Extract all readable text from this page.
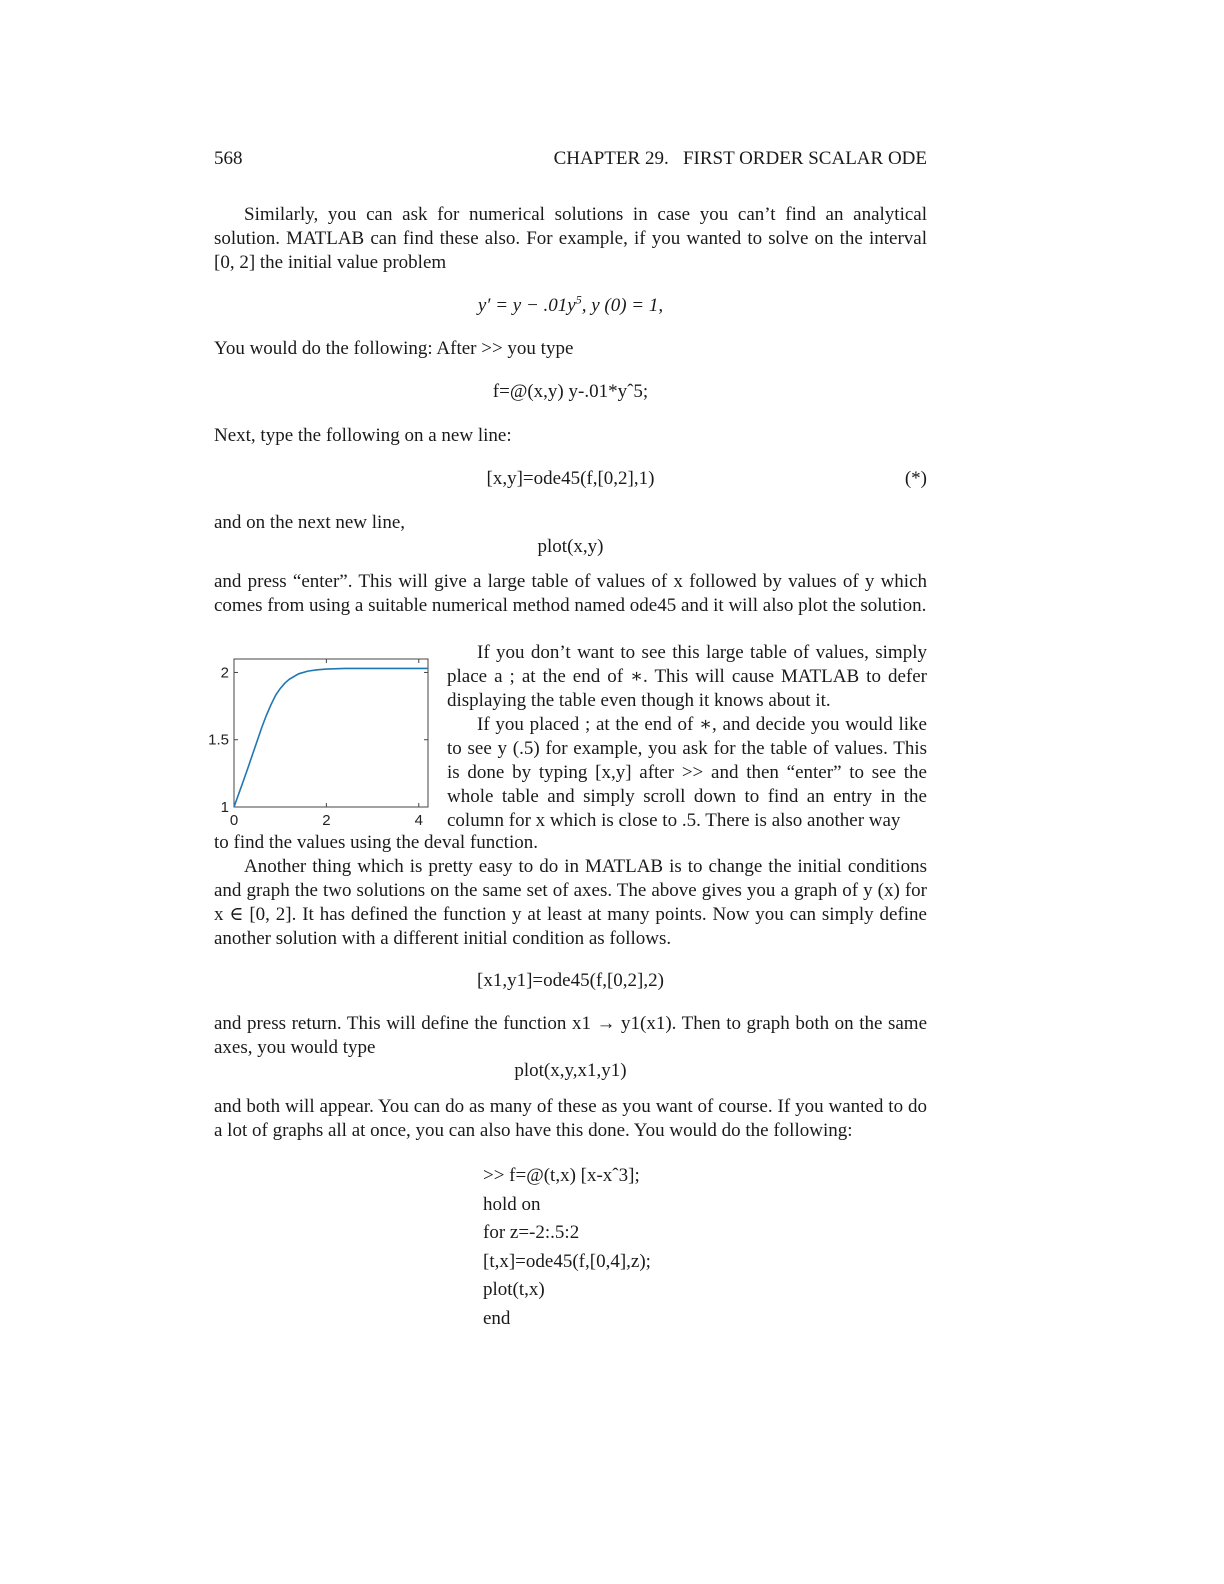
568	CHAPTER 29.   FIRST ORDER SCALAR ODE

Similarly, you can ask for numerical solutions in case you can’t find an analytical solution. MATLAB can find these also. For example, if you wanted to solve on the interval [0, 2] the initial value problem

$y' = y - .01y^5$, y (0) = 1,

You would do the following: After >> you type

f=@(x,y) y-.01*yˆ5;

Next, type the following on a new line:

[x,y]=ode45(f,[0,2],1)	(*)

and on the next new line,

plot(x,y)

and press “enter”. This will give a large table of values of x followed by values of y which comes from using a suitable numerical method named ode45 and it will also plot the solution.

0	2	4
1
1.5
2

If you don’t want to see this large table of values, simply place a ; at the end of ∗. This will cause MATLAB to defer displaying the table even though it knows about it.

If you placed ; at the end of ∗, and decide you would like to see y (.5) for example, you ask for the table of values. This is done by typing [x,y] after >> and then “enter” to see the whole table and simply scroll down to find an entry in the column for x which is close to .5. There is also another way

to find the values using the deval function.

Another thing which is pretty easy to do in MATLAB is to change the initial conditions and graph the two solutions on the same set of axes. The above gives you a graph of y (x) for x ∈ [0, 2]. It has defined the function y at least at many points. Now you can simply define another solution with a different initial condition as follows.

[x1,y1]=ode45(f,[0,2],2)

and press return. This will define the function x1 → y1(x1). Then to graph both on the same axes, you would type

plot(x,y,x1,y1)

and both will appear. You can do as many of these as you want of course. If you wanted to do a lot of graphs all at once, you can also have this done. You would do the following:

>> f=@(t,x) [x-xˆ3];
hold on
for z=-2:.5:2
[t,x]=ode45(f,[0,4],z);
plot(t,x)
end
